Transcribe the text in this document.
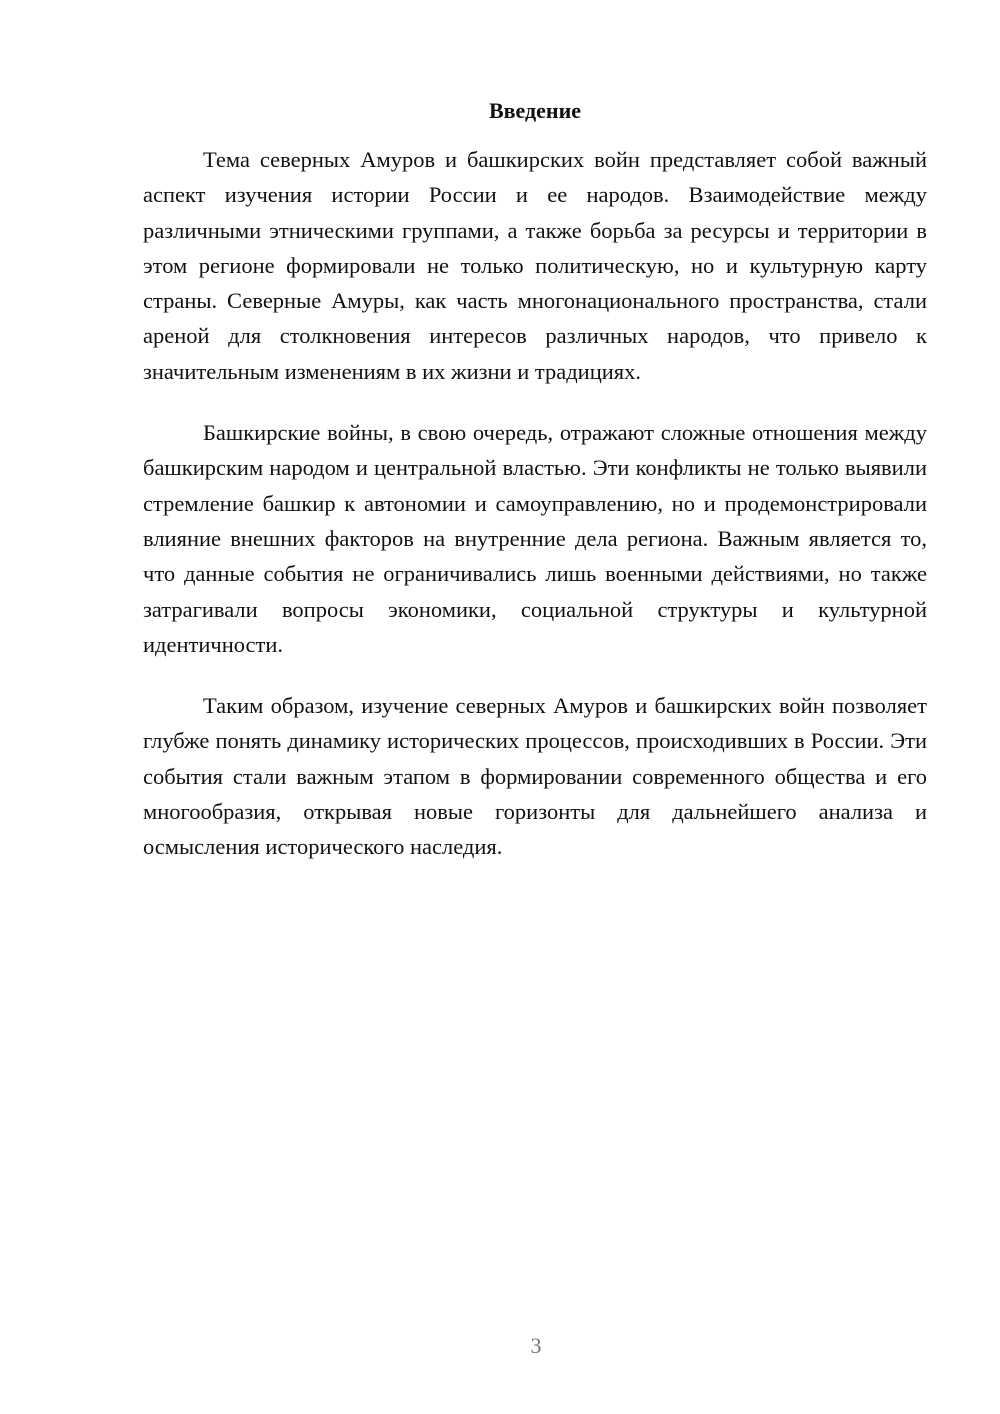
Введение

Тема северных Амуров и башкирских войн представляет собой важный аспект изучения истории России и ее народов. Взаимодействие между различными этническими группами, а также борьба за ресурсы и территории в этом регионе формировали не только политическую, но и культурную карту страны. Северные Амуры, как часть многонационального пространства, стали ареной для столкновения интересов различных народов, что привело к значительным изменениям в их жизни и традициях.

Башкирские войны, в свою очередь, отражают сложные отношения между башкирским народом и центральной властью. Эти конфликты не только выявили стремление башкир к автономии и самоуправлению, но и продемонстрировали влияние внешних факторов на внутренние дела региона. Важным является то, что данные события не ограничивались лишь военными действиями, но также затрагивали вопросы экономики, социальной структуры и культурной идентичности.

Таким образом, изучение северных Амуров и башкирских войн позволяет глубже понять динамику исторических процессов, происходивших в России. Эти события стали важным этапом в формировании современного общества и его многообразия, открывая новые горизонты для дальнейшего анализа и осмысления исторического наследия.

3
